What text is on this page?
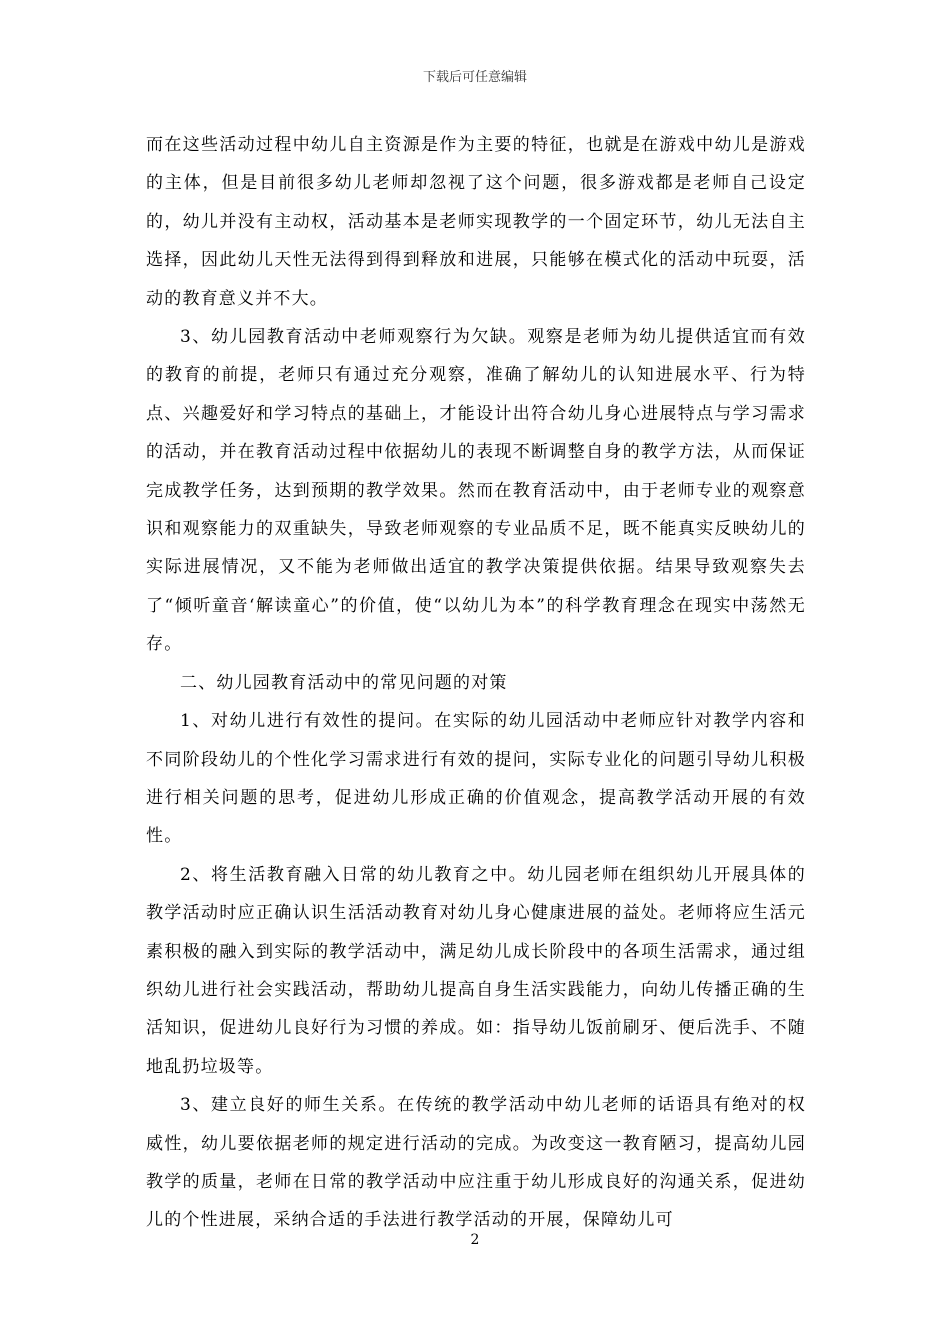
下载后可任意编辑

而在这些活动过程中幼儿自主资源是作为主要的特征，也就是在游戏中幼儿是游戏的主体，但是目前很多幼儿老师却忽视了这个问题，很多游戏都是老师自己设定的，幼儿并没有主动权，活动基本是老师实现教学的一个固定环节，幼儿无法自主选择，因此幼儿天性无法得到得到释放和进展，只能够在模式化的活动中玩耍，活动的教育意义并不大。

3、幼儿园教育活动中老师观察行为欠缺。观察是老师为幼儿提供适宜而有效的教育的前提，老师只有通过充分观察，准确了解幼儿的认知进展水平、行为特点、兴趣爱好和学习特点的基础上，才能设计出符合幼儿身心进展特点与学习需求的活动，并在教育活动过程中依据幼儿的表现不断调整自身的教学方法，从而保证完成教学任务，达到预期的教学效果。然而在教育活动中，由于老师专业的观察意识和观察能力的双重缺失，导致老师观察的专业品质不足，既不能真实反映幼儿的实际进展情况，又不能为老师做出适宜的教学决策提供依据。结果导致观察失去了“倾听童音‘解读童心”的价值，使“以幼儿为本”的科学教育理念在现实中荡然无存。

二、幼儿园教育活动中的常见问题的对策

1、对幼儿进行有效性的提问。在实际的幼儿园活动中老师应针对教学内容和不同阶段幼儿的个性化学习需求进行有效的提问，实际专业化的问题引导幼儿积极进行相关问题的思考，促进幼儿形成正确的价值观念，提高教学活动开展的有效性。

2、将生活教育融入日常的幼儿教育之中。幼儿园老师在组织幼儿开展具体的教学活动时应正确认识生活活动教育对幼儿身心健康进展的益处。老师将应生活元素积极的融入到实际的教学活动中，满足幼儿成长阶段中的各项生活需求，通过组织幼儿进行社会实践活动，帮助幼儿提高自身生活实践能力，向幼儿传播正确的生活知识，促进幼儿良好行为习惯的养成。如：指导幼儿饭前刷牙、便后洗手、不随地乱扔垃圾等。

3、建立良好的师生关系。在传统的教学活动中幼儿老师的话语具有绝对的权威性，幼儿要依据老师的规定进行活动的完成。为改变这一教育陋习，提高幼儿园教学的质量，老师在日常的教学活动中应注重于幼儿形成良好的沟通关系，促进幼儿的个性进展，采纳合适的手法进行教学活动的开展，保障幼儿可

2
